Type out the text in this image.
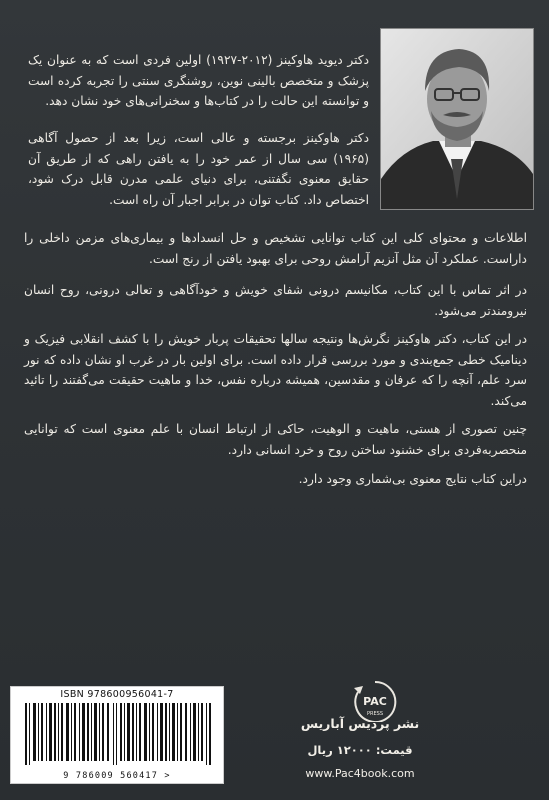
دکتر دیوید هاوکینز (۲۰۱۲-۱۹۲۷) اولین فردی است که به عنوان یک پزشک و متخصص بالینی نوین، روشنگری سنتی را تجربه کرده است و توانسته این حالت را در کتاب‌ها و سخنرانی‌های خود نشان دهد.

دکتر هاوکینز برجسته و عالی است، زیرا بعد از حصول آگاهی (۱۹۶۵) سی سال از عمر خود را به یافتن راهی که از طریق آن حقایق معنوی نگفتنی، برای دنیای علمی مدرن قابل درک شود، اختصاص داد. کتاب توان در برابر اجبار آن راه است.

اطلاعات و محتوای کلی این کتاب توانایی تشخیص و حل انسدادها و بیماری‌های مزمن داخلی را داراست. عملکرد آن مثل آنزیم آرامش روحی برای بهبود یافتن از رنج است.

در اثر تماس با این کتاب، مکانیسم درونی شفای خویش و خودآگاهی و تعالی درونی، روح انسان نیرومندتر می‌شود.

در این کتاب، دکتر هاوکینز نگرش‌ها ونتیجه سالها تحقیقات پربار خویش را با کشف انقلابی فیزیک و دینامیک خطی جمع‌بندی و مورد بررسی قرار داده است. برای اولین بار در غرب او نشان داده که نور سرد علم، آنچه را که عرفان و مقدسین، همیشه درباره نفس، خدا و ماهیت حقیقت می‌گفتند را تائید می‌کند.

چنین تصوری از هستی، ماهیت و الوهیت، حاکی از ارتباط انسان با علم معنوی است که توانایی منحصربه‌فردی برای خشنود ساختن روح و خرد انسانی دارد.

دراین کتاب نتایج معنوی بی‌شماری وجود دارد.

ISBN 978600956041-7
9 786009 560417 >
PAC
PRESS
نشر پردیس آباریس
قیمت: ۱۲۰۰۰ ریال
www.Pac4book.com
